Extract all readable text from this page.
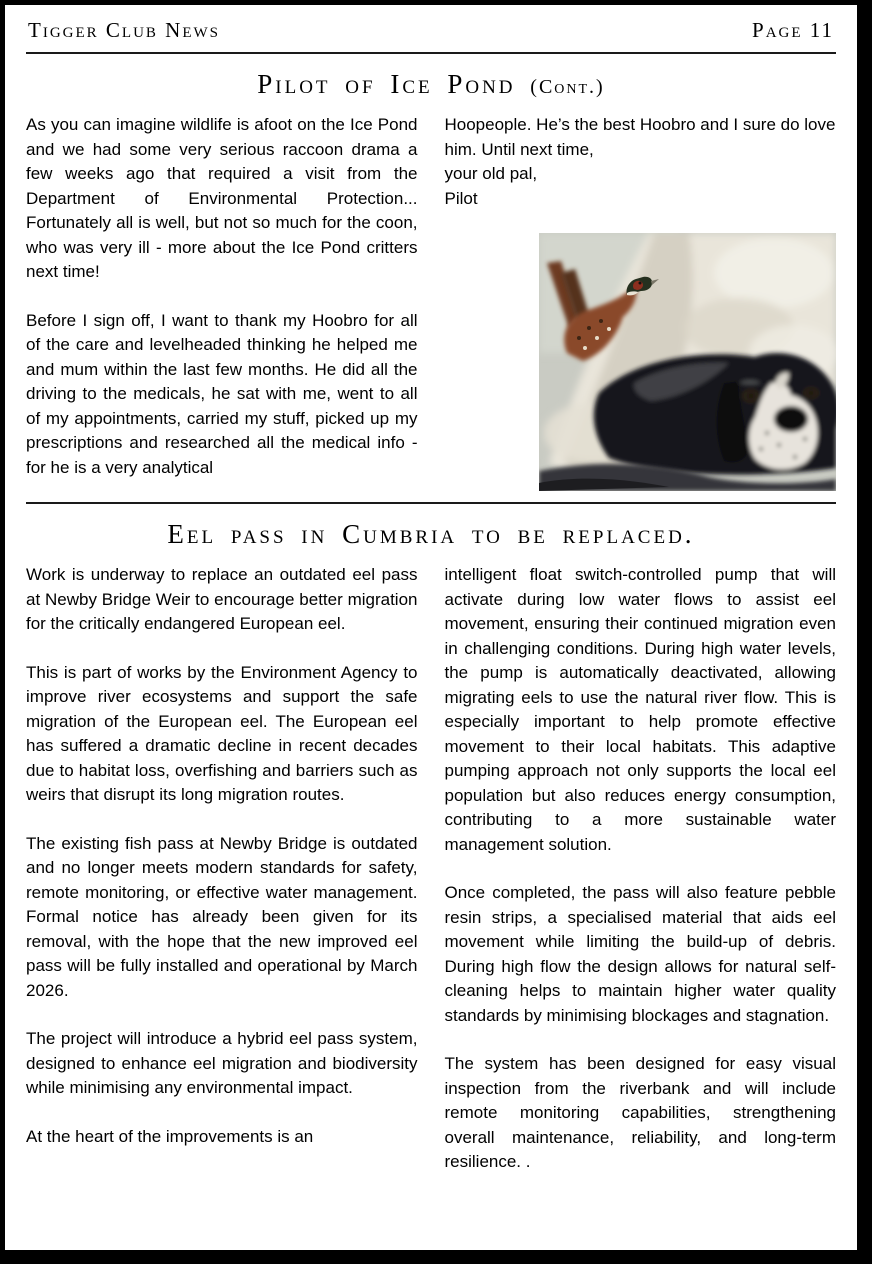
Tigger Club News	Page 11
Pilot of Ice Pond (Cont.)

As you can imagine wildlife is afoot on the Ice Pond and we had some very serious raccoon drama a few weeks ago that required a visit from the Department of Environmental Protection... Fortunately all is well, but not so much for the coon, who was very ill - more about the Ice Pond critters next time!

Before I sign off, I want to thank my Hoobro for all of the care and levelheaded thinking he helped me and mum within the last few months. He did all the driving to the medicals, he sat with me, went to all of my appointments, carried my stuff, picked up my prescriptions and researched all the medical info - for he is a very analytical

Hoopeople. He’s the best Hoobro and I sure do love him. Until next time,
your old pal,
Pilot
Eel pass in Cumbria to be replaced.

Work is underway to replace an outdated eel pass at Newby Bridge Weir to encourage better migration for the critically endangered European eel.

This is part of works by the Environment Agency to improve river ecosystems and support the safe migration of the European eel. The European eel has suffered a dramatic decline in recent decades due to habitat loss, overfishing and barriers such as weirs that disrupt its long migration routes.

The existing fish pass at Newby Bridge is outdated and no longer meets modern standards for safety, remote monitoring, or effective water management. Formal notice has already been given for its removal, with the hope that the new improved eel pass will be fully installed and operational by March 2026.

The project will introduce a hybrid eel pass system, designed to enhance eel migration and biodiversity while minimising any environmental impact.

At the heart of the improvements is an

intelligent float switch-controlled pump that will activate during low water flows to assist eel movement, ensuring their continued migration even in challenging conditions. During high water levels, the pump is automatically deactivated, allowing migrating eels to use the natural river flow. This is especially important to help promote effective movement to their local habitats. This adaptive pumping approach not only supports the local eel population but also reduces energy consumption, contributing to a more sustainable water management solution.

Once completed, the pass will also feature pebble resin strips, a specialised material that aids eel movement while limiting the build-up of debris. During high flow the design allows for natural self-cleaning helps to maintain higher water quality standards by minimising blockages and stagnation.

The system has been designed for easy visual inspection from the riverbank and will include remote monitoring capabilities, strengthening overall maintenance, reliability, and long-term resilience. .
